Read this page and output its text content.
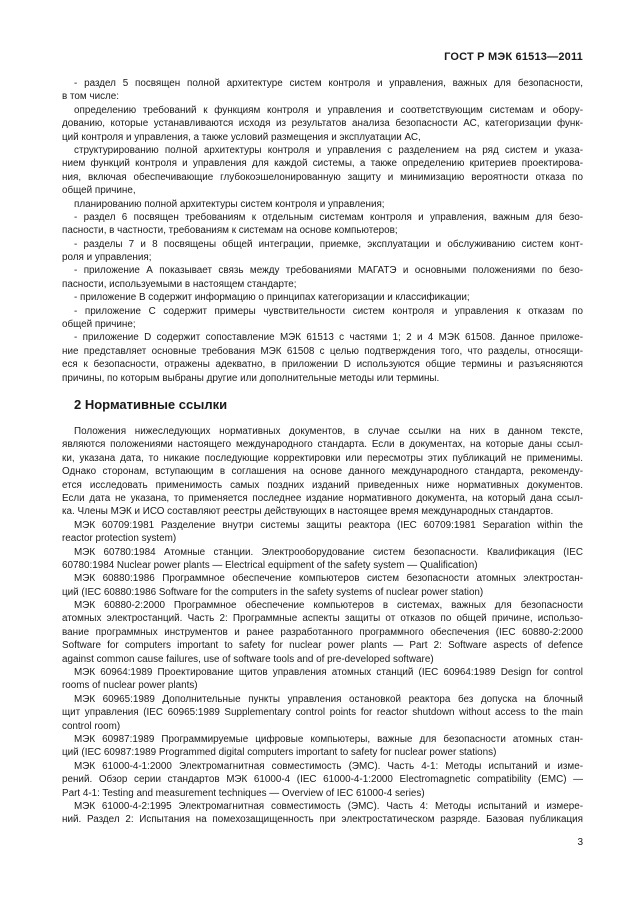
ГОСТ Р МЭК 61513—2011
- раздел 5 посвящен полной архитектуре систем контроля и управления, важных для безопасности,
в том числе:
определению требований к функциям контроля и управления и соответствующим системам и обору-
дованию, которые устанавливаются исходя из результатов анализа безопасности АС, категоризации функ-
ций контроля и управления, а также условий размещения и эксплуатации АС,
структурированию полной архитектуры контроля и управления с разделением на ряд систем и указа-
нием функций контроля и управления для каждой системы, а также определению критериев проектирова-
ния, включая обеспечивающие глубокоэшелонированную защиту и минимизацию вероятности отказа по
общей причине,
планированию полной архитектуры систем контроля и управления;
- раздел 6 посвящен требованиям к отдельным системам контроля и управления, важным для безо-
пасности, в частности, требованиям к системам на основе компьютеров;
- разделы 7 и 8 посвящены общей интеграции, приемке, эксплуатации и обслуживанию систем конт-
роля и управления;
- приложение А показывает связь между требованиями МАГАТЭ и основными положениями по безо-
пасности, используемыми в настоящем стандарте;
- приложение В содержит информацию о принципах категоризации и классификации;
- приложение С содержит примеры чувствительности систем контроля и управления к отказам по
общей причине;
- приложение D содержит сопоставление МЭК 61513 с частями 1; 2 и 4 МЭК 61508. Данное приложе-
ние представляет основные требования МЭК 61508 с целью подтверждения того, что разделы, относящи-
еся к безопасности, отражены адекватно, в приложении D используются общие термины и разъясняются
причины, по которым выбраны другие или дополнительные методы или термины.
2 Нормативные ссылки
Положения нижеследующих нормативных документов, в случае ссылки на них в данном тексте,
являются положениями настоящего международного стандарта. Если в документах, на которые даны ссыл-
ки, указана дата, то никакие последующие корректировки или пересмотры этих публикаций не применимы.
Однако сторонам, вступающим в соглашения на основе данного международного стандарта, рекоменду-
ется исследовать применимость самых поздних изданий приведенных ниже нормативных документов.
Если дата не указана, то применяется последнее издание нормативного документа, на который дана ссыл-
ка. Члены МЭК и ИСО составляют реестры действующих в настоящее время международных стандартов.
МЭК 60709:1981 Разделение внутри системы защиты реактора (IEC 60709:1981 Separation within the
reactor protection system)
МЭК 60780:1984 Атомные станции. Электрооборудование систем безопасности. Квалификация (IEC
60780:1984 Nuclear power plants — Electrical equipment of the safety system — Qualification)
МЭК 60880:1986 Программное обеспечение компьютеров систем безопасности атомных электростан-
ций (IEC 60880:1986 Software for the computers in the safety systems of nuclear power station)
МЭК 60880-2:2000 Программное обеспечение компьютеров в системах, важных для безопасности
атомных электростанций. Часть 2: Программные аспекты защиты от отказов по общей причине, использо-
вание программных инструментов и ранее разработанного программного обеспечения (IEC 60880-2:2000
Software for computers important to safety for nuclear power plants — Part 2: Software aspects of defence
against common cause failures, use of software tools and of pre-developed software)
МЭК 60964:1989 Проектирование щитов управления атомных станций (IEC 60964:1989 Design for control
rooms of nuclear power plants)
МЭК 60965:1989 Дополнительные пункты управления остановкой реактора без допуска на блочный
щит управления (IEC 60965:1989 Supplementary control points for reactor shutdown without access to the main
control room)
МЭК 60987:1989 Программируемые цифровые компьютеры, важные для безопасности атомных стан-
ций (IEC 60987:1989 Programmed digital computers important to safety for nuclear power stations)
МЭК 61000-4-1:2000 Электромагнитная совместимость (ЭМС). Часть 4-1: Методы испытаний и изме-
рений. Обзор серии стандартов МЭК 61000-4 (IEC 61000-4-1:2000 Electromagnetic compatibility (EMC) —
Part 4-1: Testing and measurement techniques — Overview of IEC 61000-4 series)
МЭК 61000-4-2:1995 Электромагнитная совместимость (ЭМС). Часть 4: Методы испытаний и измере-
ний. Раздел 2: Испытания на помехозащищенность при электростатическом разряде. Базовая публикация
3
